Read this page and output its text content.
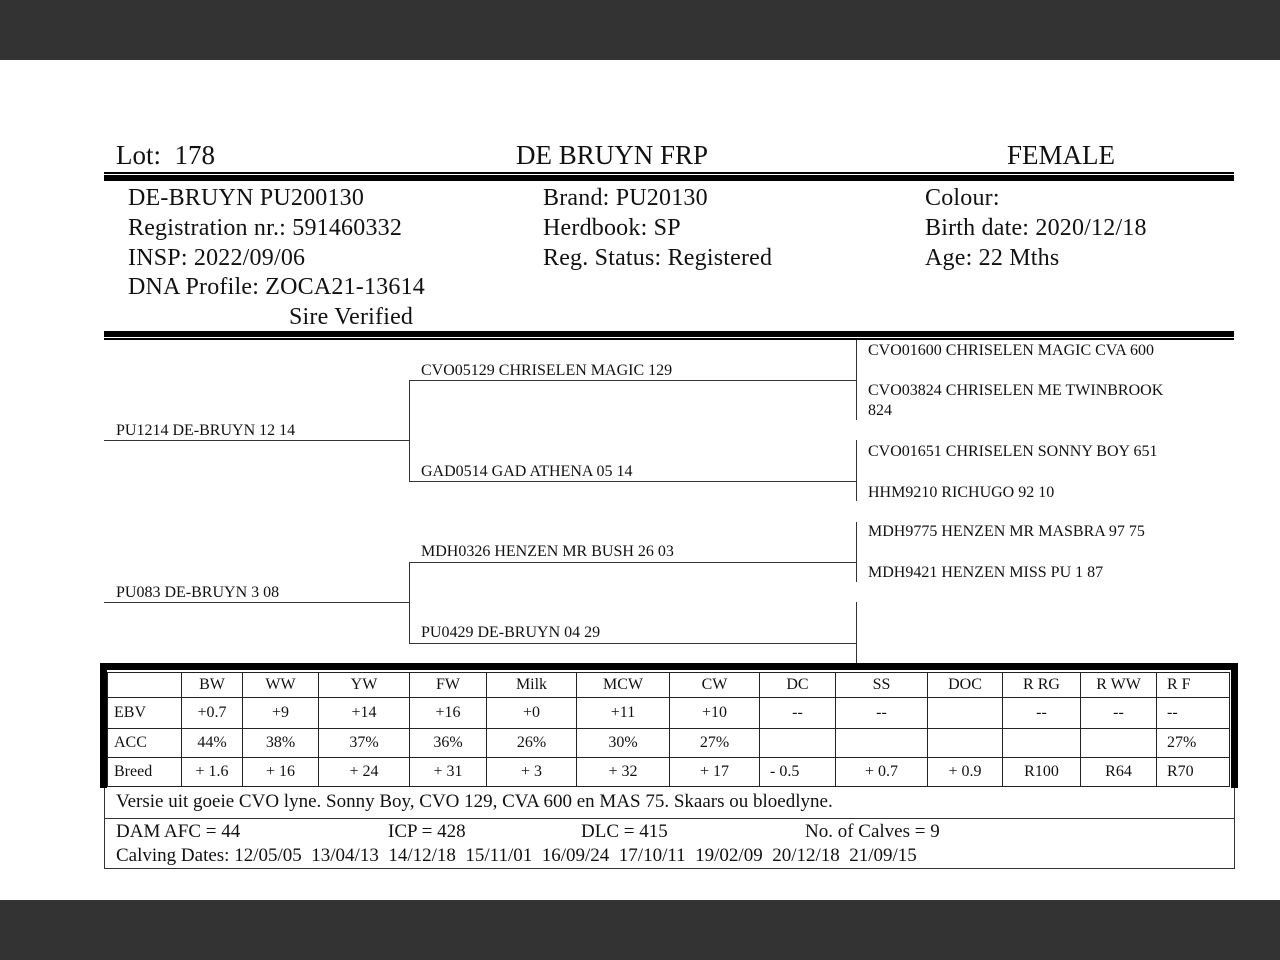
Lot: 178	DE BRUYN FRP	FEMALE
DE-BRUYN PU200130
Registration nr.: 591460332
INSP: 2022/09/06
DNA Profile: ZOCA21-13614
Sire Verified
Brand: PU20130
Herdbook: SP
Reg. Status: Registered
Colour:
Birth date: 2020/12/18
Age: 22 Mths
PU1214 DE-BRUYN 12 14
PU083 DE-BRUYN 3 08
CVO05129 CHRISELEN MAGIC 129
GAD0514 GAD ATHENA 05 14
MDH0326 HENZEN MR BUSH 26 03
PU0429 DE-BRUYN 04 29
CVO01600 CHRISELEN MAGIC CVA 600
CVO03824 CHRISELEN ME TWINBROOK
824
CVO01651 CHRISELEN SONNY BOY 651
HHM9210 RICHUGO 92 10
MDH9775 HENZEN MR MASBRA 97 75
MDH9421 HENZEN MISS PU 1 87
	BW	WW	YW	FW	Milk	MCW	CW	DC	SS	DOC	R RG	R WW	R F
EBV	+0.7	+9	+14	+16	+0	+11	+10	--	--		--	--	--
ACC	44%	38%	37%	36%	26%	30%	27%						27%
Breed	+ 1.6	+ 16	+ 24	+ 31	+ 3	+ 32	+ 17	- 0.5	+ 0.7	+ 0.9	R100	R64	R70
Versie uit goeie CVO lyne. Sonny Boy, CVO 129, CVA 600 en MAS 75. Skaars ou bloedlyne.
DAM AFC = 44	ICP = 428	DLC = 415	No. of Calves = 9
Calving Dates: 12/05/05  13/04/13  14/12/18  15/11/01  16/09/24  17/10/11  19/02/09  20/12/18  21/09/15
